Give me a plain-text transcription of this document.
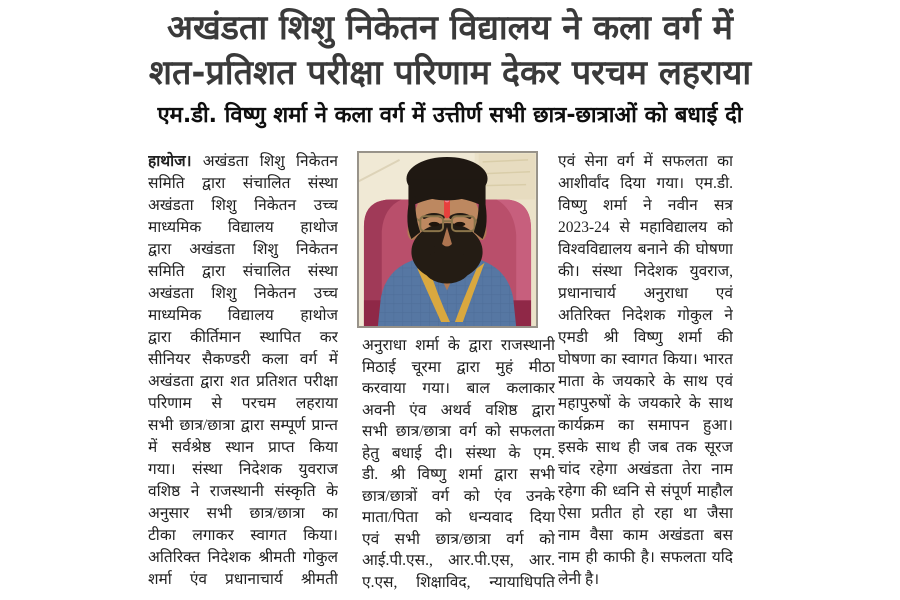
अखंडता शिशु निकेतन विद्यालय ने कला वर्ग में
शत-प्रतिशत परीक्षा परिणाम देकर परचम लहराया
एम.डी. विष्णु शर्मा ने कला वर्ग में उत्तीर्ण सभी छात्र-छात्राओं को बधाई दी
हाथोज। अखंडता शिशु निकेतन
समिति द्वारा संचालित संस्था
अखंडता शिशु निकेतन उच्च
माध्यमिक विद्यालय हाथोज
द्वारा अखंडता शिशु निकेतन
समिति द्वारा संचालित संस्था
अखंडता शिशु निकेतन उच्च
माध्यमिक विद्यालय हाथोज
द्वारा कीर्तिमान स्थापित कर
सीनियर सैकण्डरी कला वर्ग में
अखंडता द्वारा शत प्रतिशत परीक्षा
परिणाम से परचम लहराया
सभी छात्र/छात्रा द्वारा सम्पूर्ण प्रान्त
में सर्वश्रेष्ठ स्थान प्राप्त किया
गया। संस्था निदेशक युवराज
वशिष्ठ ने राजस्थानी संस्कृति के
अनुसार सभी छात्र/छात्रा का
टीका लगाकर स्वागत किया।
अतिरिक्त निदेशक श्रीमती गोकुल
शर्मा एंव प्रधानाचार्य श्रीमती
अनुराधा शर्मा के द्वारा राजस्थानी
मिठाई चूरमा द्वारा मुहं मीठा
करवाया गया। बाल कलाकार
अवनी एंव अथर्व वशिष्ठ द्वारा
सभी छात्र/छात्रा वर्ग को सफलता
हेतु बधाई दी। संस्था के एम.
डी. श्री विष्णु शर्मा द्वारा सभी
छात्र/छात्रों वर्ग को एंव उनके
माता/पिता को धन्यवाद दिया
एवं सभी छात्र/छात्रा वर्ग को
आई.पी.एस., आर.पी.एस, आर.
ए.एस, शिक्षाविद, न्यायाधिपति
एवं सेना वर्ग में सफलता का
आशीर्वांद दिया गया। एम.डी.
विष्णु शर्मा ने नवीन सत्र
2023-24 से महाविद्यालय को
विश्वविद्यालय बनाने की घोषणा
की। संस्था निदेशक युवराज,
प्रधानाचार्य अनुराधा एवं
अतिरिक्त निदेशक गोकुल ने
एमडी श्री विष्णु शर्मा की
घोषणा का स्वागत किया। भारत
माता के जयकारे के साथ एवं
महापुरुषों के जयकारे के साथ
कार्यक्रम का समापन हुआ।
इसके साथ ही जब तक सूरज
चांद रहेगा अखंडता तेरा नाम
रहेगा की ध्वनि से संपूर्ण माहौल
ऐसा प्रतीत हो रहा था जैसा
नाम वैसा काम अखंडता बस
नाम ही काफी है। सफलता यदि
लेनी है।
